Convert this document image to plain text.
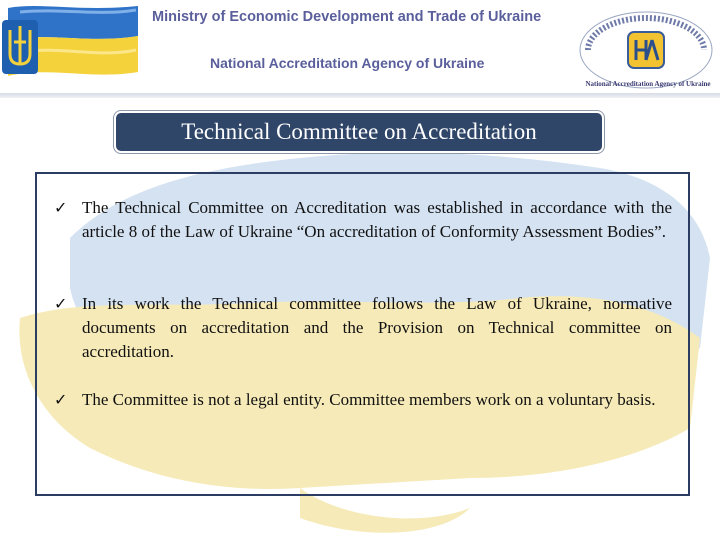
Ministry of Economic Development and Trade of Ukraine
National Accreditation Agency of Ukraine
National Accreditation Agency of Ukraine
Technical Committee on Accreditation
✓ The Technical Committee on Accreditation was established in accordance with the article 8 of the Law of Ukraine “On accreditation of Conformity Assessment Bodies”.
✓ In its work the Technical committee follows the Law of Ukraine, normative documents on accreditation and the Provision on Technical committee on accreditation.
✓ The Committee is not a legal entity. Committee members work on a voluntary basis.
